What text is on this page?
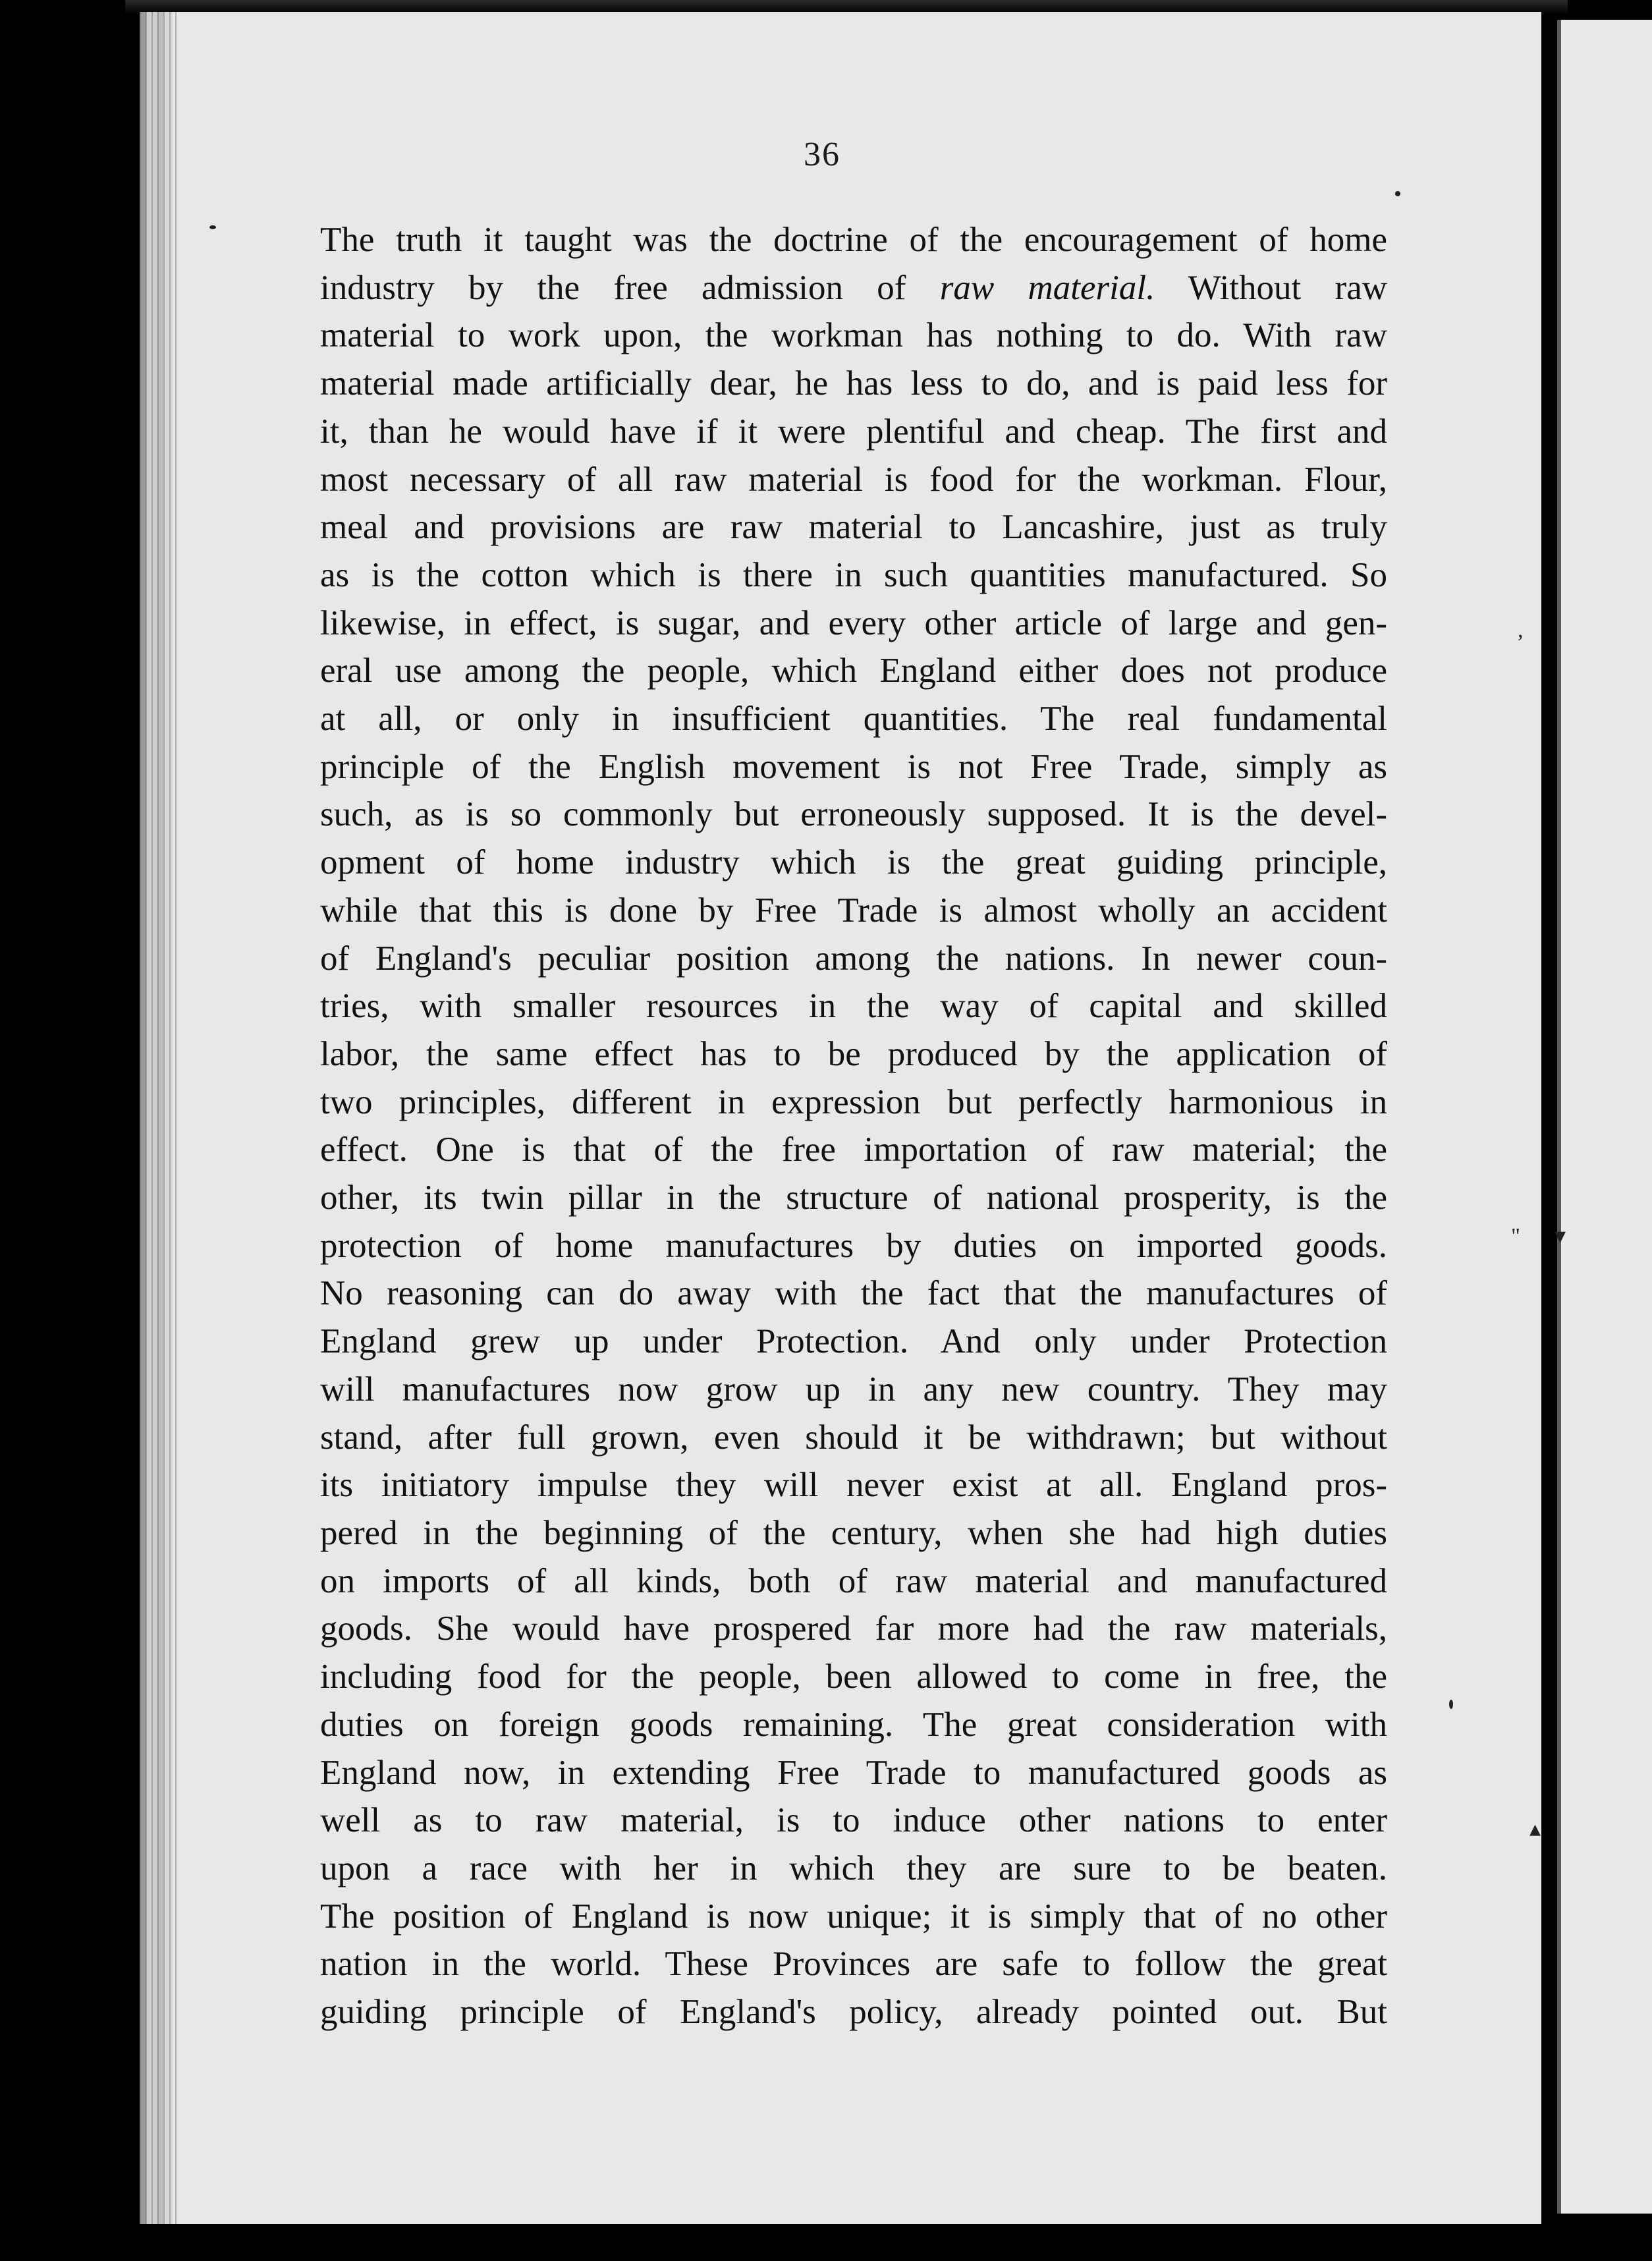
,
▾
"
▴
36
The truth it taught was the doctrine of the encouragement of home
industry by the free admission of raw material. Without raw
material to work upon, the workman has nothing to do. With raw
material made artificially dear, he has less to do, and is paid less for
it, than he would have if it were plentiful and cheap. The first and
most necessary of all raw material is food for the workman. Flour,
meal and provisions are raw material to Lancashire, just as truly
as is the cotton which is there in such quantities manufactured. So
likewise, in effect, is sugar, and every other article of large and gen-
eral use among the people, which England either does not produce
at all, or only in insufficient quantities. The real fundamental
principle of the English movement is not Free Trade, simply as
such, as is so commonly but erroneously supposed. It is the devel-
opment of home industry which is the great guiding principle,
while that this is done by Free Trade is almost wholly an accident
of England's peculiar position among the nations. In newer coun-
tries, with smaller resources in the way of capital and skilled
labor, the same effect has to be produced by the application of
two principles, different in expression but perfectly harmonious in
effect. One is that of the free importation of raw material; the
other, its twin pillar in the structure of national prosperity, is the
protection of home manufactures by duties on imported goods.
No reasoning can do away with the fact that the manufactures of
England grew up under Protection. And only under Protection
will manufactures now grow up in any new country. They may
stand, after full grown, even should it be withdrawn; but without
its initiatory impulse they will never exist at all. England pros-
pered in the beginning of the century, when she had high duties
on imports of all kinds, both of raw material and manufactured
goods. She would have prospered far more had the raw materials,
including food for the people, been allowed to come in free, the
duties on foreign goods remaining. The great consideration with
England now, in extending Free Trade to manufactured goods as
well as to raw material, is to induce other nations to enter
upon a race with her in which they are sure to be beaten.
The position of England is now unique; it is simply that of no other
nation in the world. These Provinces are safe to follow the great
guiding principle of England's policy, already pointed out. But
